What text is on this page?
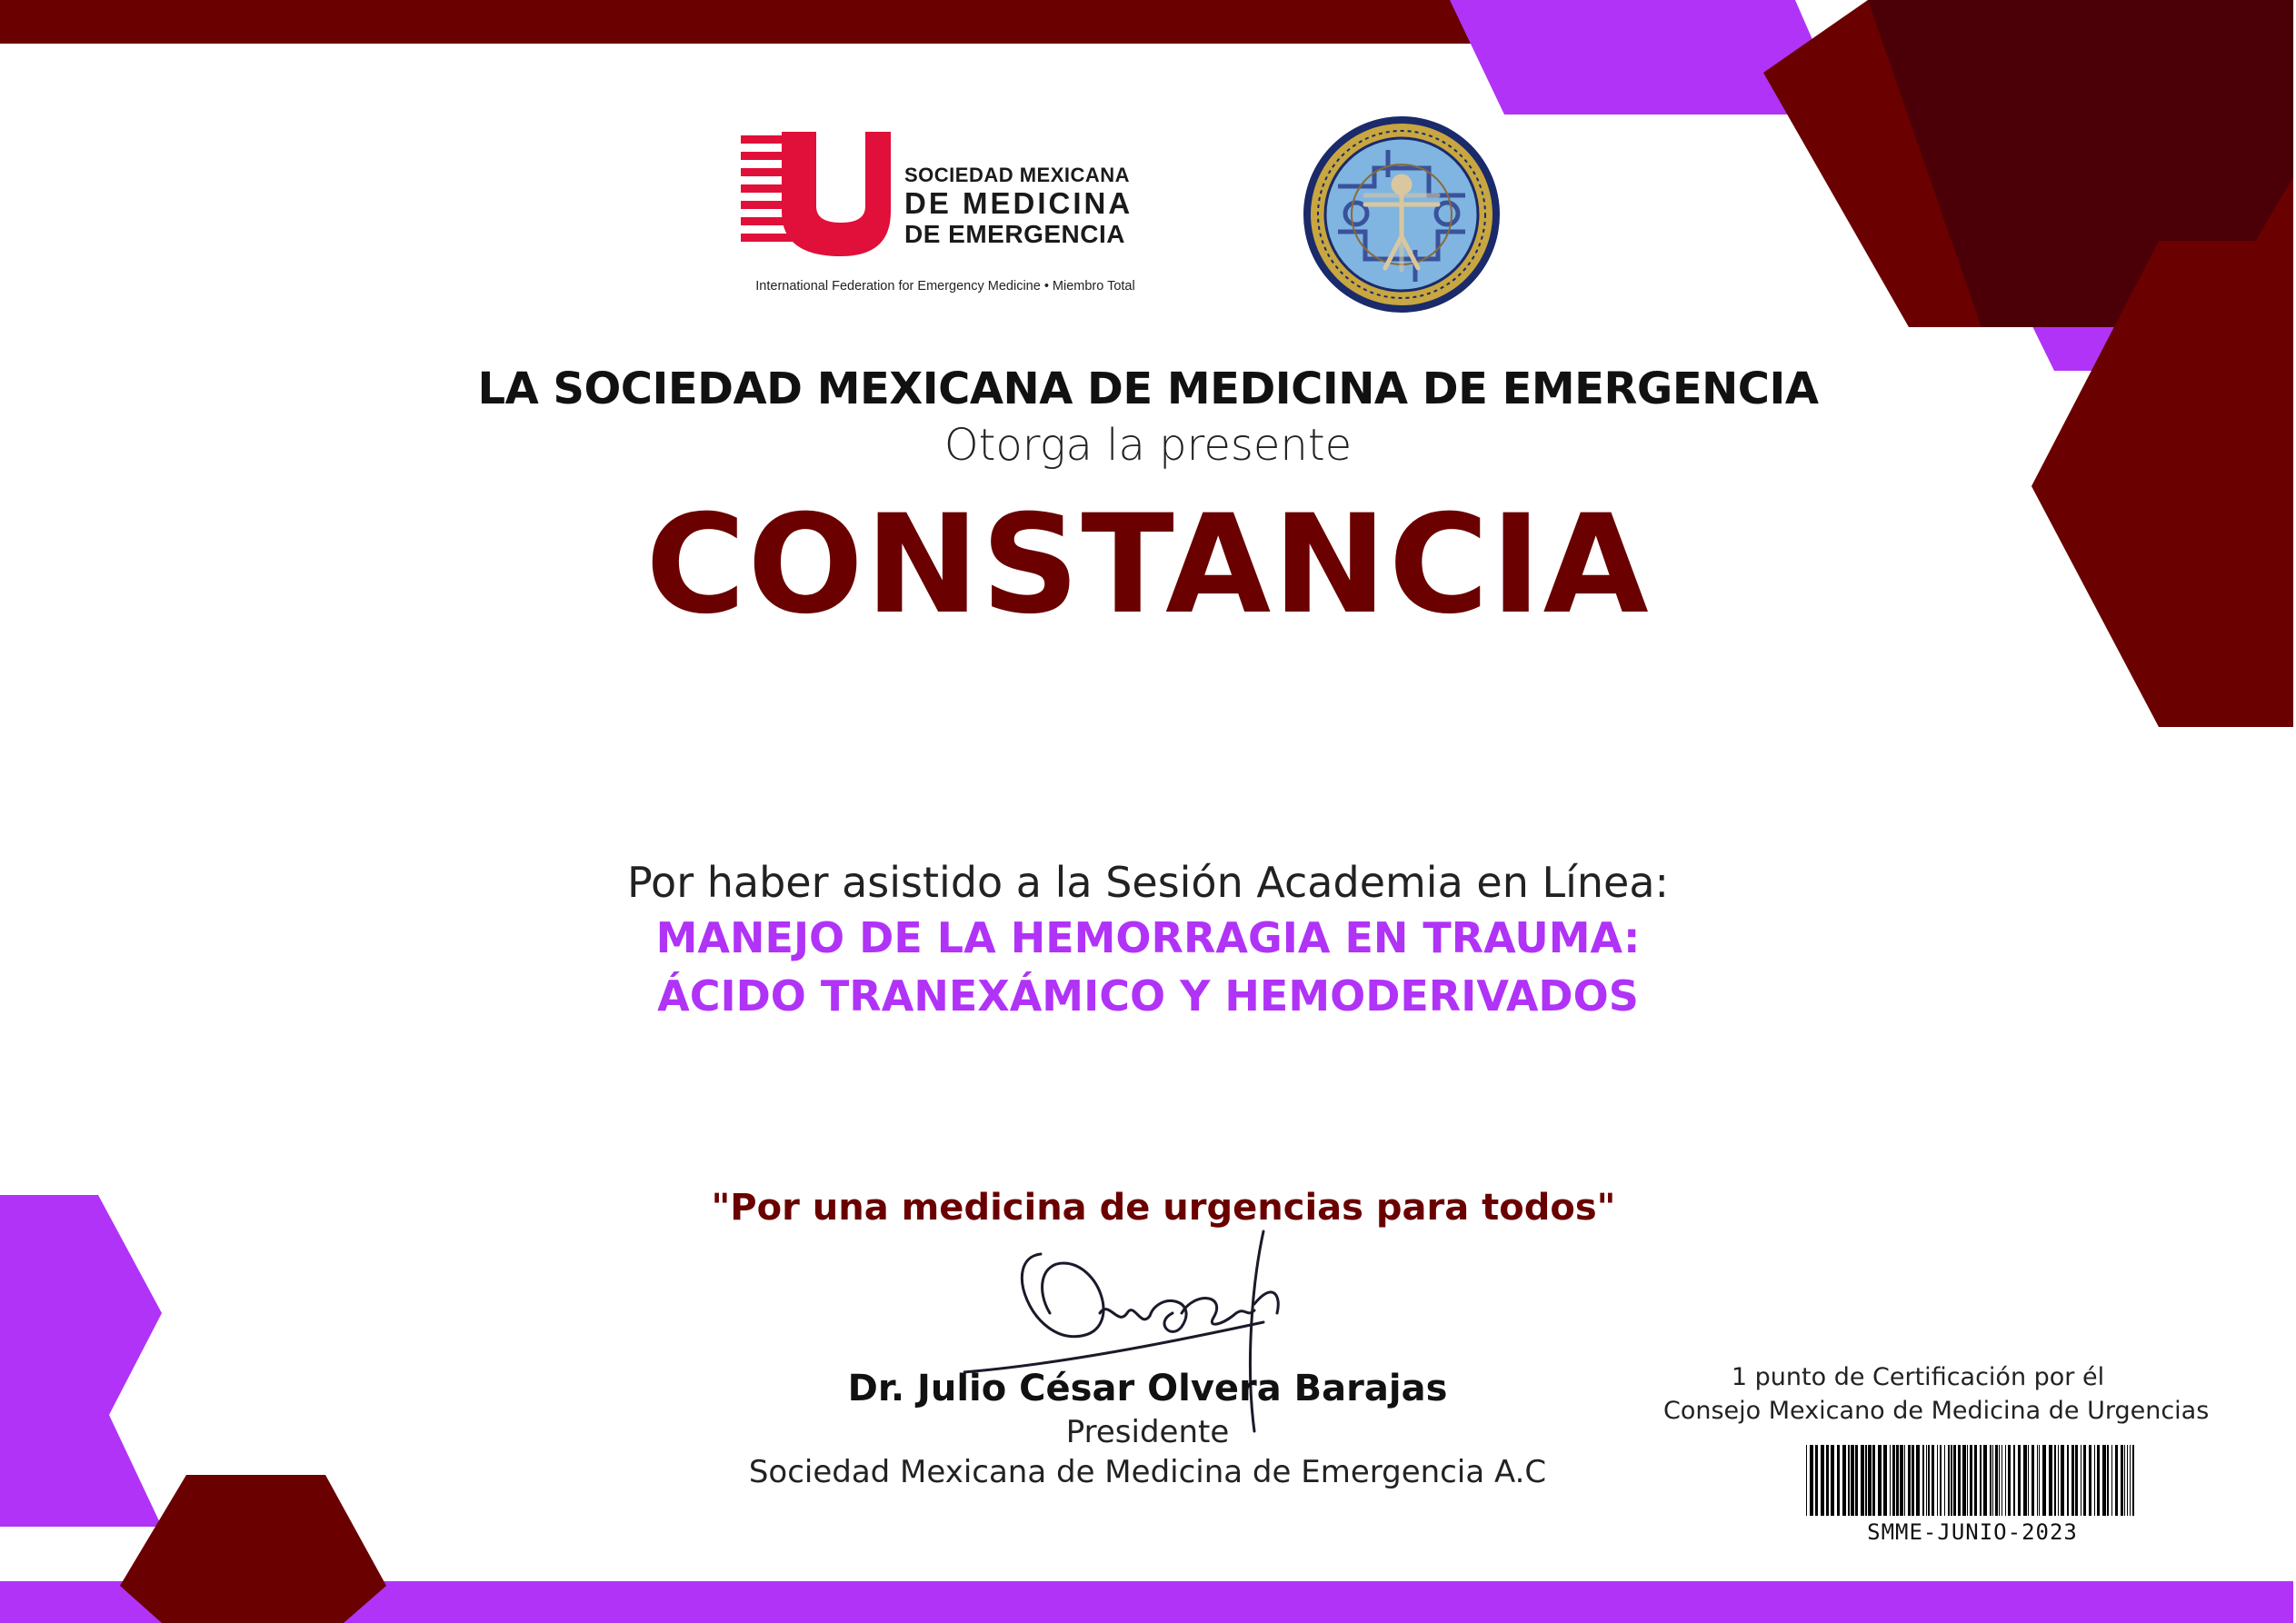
SOCIEDAD MEXICANA
DE MEDICINA
DE EMERGENCIA
International Federation for Emergency Medicine • Miembro Total
LA SOCIEDAD MEXICANA DE MEDICINA DE EMERGENCIA
Otorga la presente
CONSTANCIA
Por haber asistido a la Sesión Academia en Línea:
MANEJO DE LA HEMORRAGIA EN TRAUMA:
ÁCIDO TRANEXÁMICO Y HEMODERIVADOS
"Por una medicina de urgencias para todos"
Dr. Julio César Olvera Barajas
Presidente
Sociedad Mexicana de Medicina de Emergencia A.C
1 punto de Certificación por él
Consejo Mexicano de Medicina de Urgencias
SMME-JUNIO-2023
